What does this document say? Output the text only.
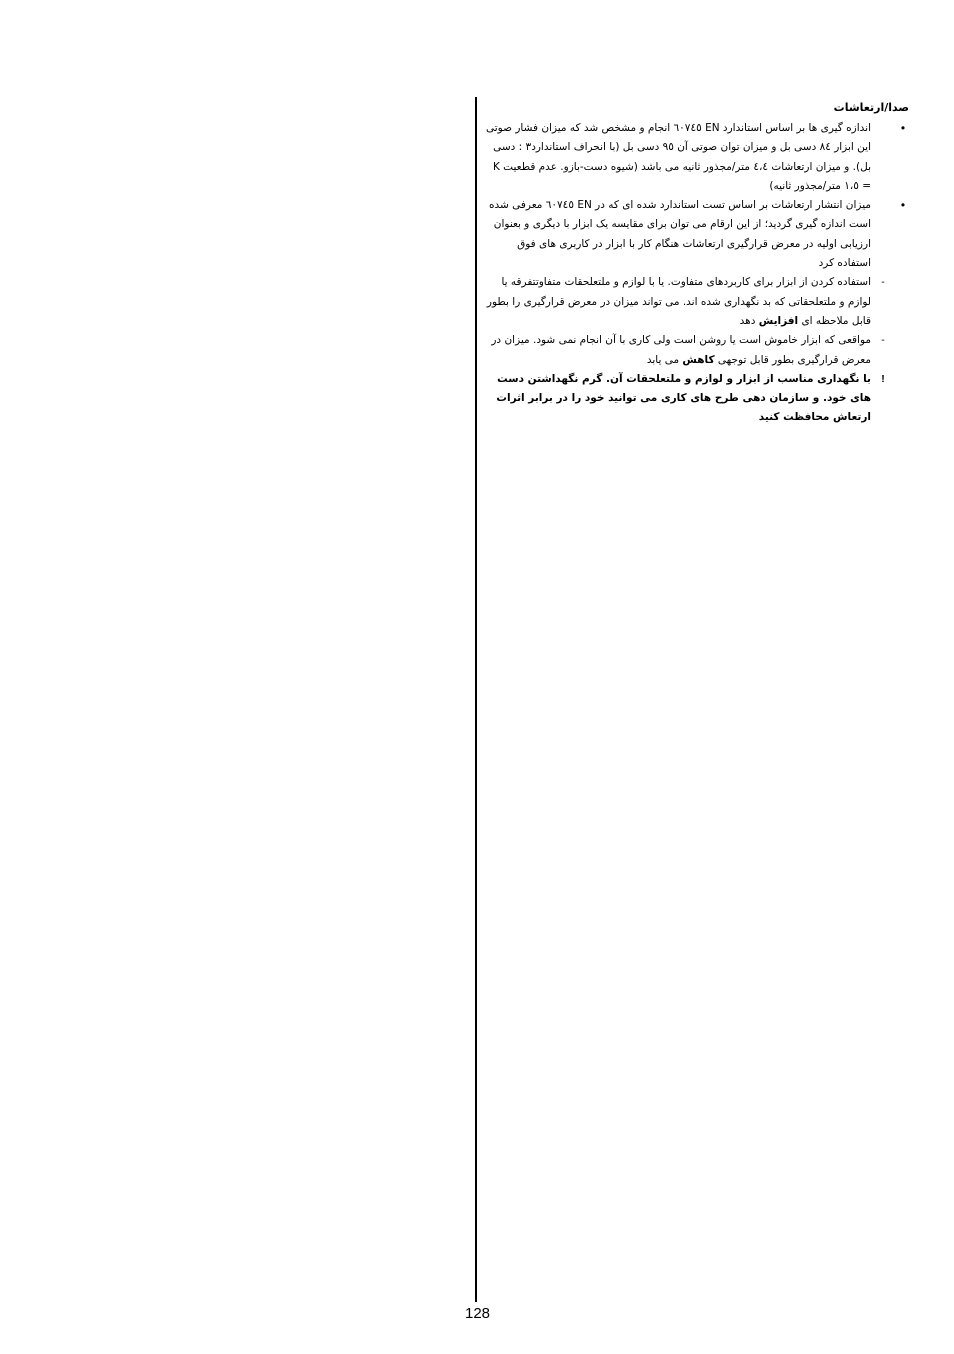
صدا/ارتعاشات

•
اندازه گیری ها بر اساس استاندارد EN ٦٠٧٤٥ انجام و مشخص شد که میزان فشار صوتی این ابزار ٨٤ دسی بل و میزان توان صوتی آن ٩٥ دسی بل (با انحراف استاندارد٣ : دسی بل). و میزان ارتعاشات ٤،٤ متر/مجذور ثانیه می باشد (شیوه دست-بازو. عدم قطعیت K = ١،٥ متر/مجذور ثانیه)
•
میزان انتشار ارتعاشات بر اساس تست استاندارد شده ای که در EN ٦٠٧٤٥ معرفی شده است اندازه گیری گردید؛ از این ارقام می توان برای مقایسه یک ابزار با دیگری و بعنوان ارزیابی اولیه در معرض قرارگیری ارتعاشات هنگام کار با ابزار در کاربری های فوق استفاده کرد
-
استفاده کردن از ابزار برای کاربردهای متفاوت. یا با لوازم و ملتعلحقات متفاوتتفرقه یا لوازم و ملتعلحقاتی که بد نگهداری شده اند. می تواند میزان در معرض قرارگیری را بطور قابل ملاحظه ای افزایش دهد
-
مواقعی که ابزار خاموش است یا روشن است ولی کاری با آن انجام نمی شود. میزان در معرض قرارگیری بطور قابل توجهی کاهش می یابد
!
با نگهداری مناسب از ابزار و لوازم و ملتعلحقات آن. گرم نگهداشتن دست های خود. و سازمان دهی طرح های کاری می توانید خود را در برابر اثرات ارتعاش محافظت کنید
128
